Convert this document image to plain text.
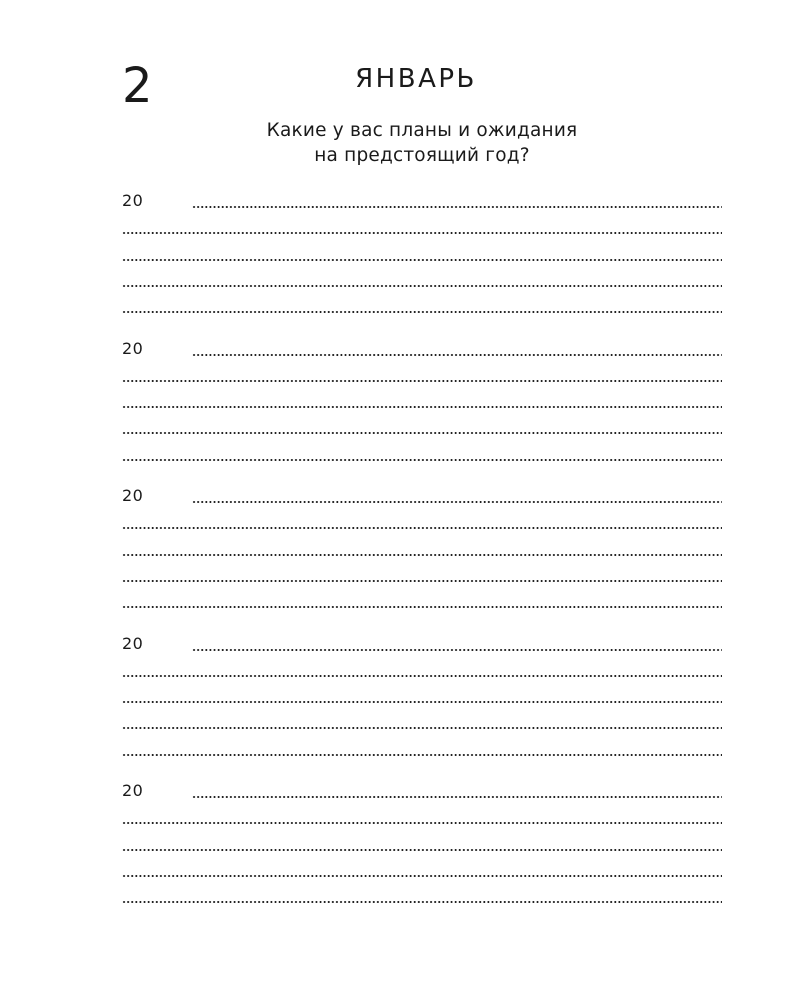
2	ЯНВАРЬ
Какие у вас планы и ожидания
на предстоящий год?
20
20
20
20
20
